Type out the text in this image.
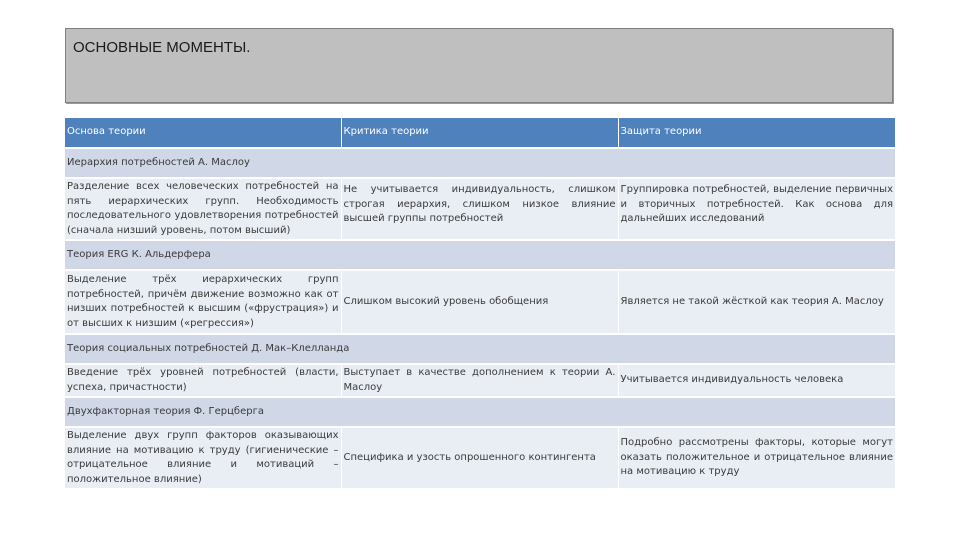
ОСНОВНЫЕ МОМЕНТЫ.
Основа теории	Критика теории	Защита теории
Иерархия потребностей А. Маслоу		
Разделение всех человеческих потребностей на пять иерархических групп. Необходимость последовательного удовлетворения потребностей (сначала низший уровень, потом высший)	Не учитывается индивидуальность, слишком строгая иерархия, слишком низкое влияние высшей группы потребностей	Группировка потребностей, выделение первичных и вторичных потребностей. Как основа для дальнейших исследований
Теория ERG К. Альдерфера		
Выделение трёх иерархических групп потребностей, причём движение возможно как от низших потребностей к высшим («фрустрация») и от высших к низшим («регрессия»)	Слишком высокий уровень обобщения	Является не такой жёсткой как теория А. Маслоу
Теория социальных потребностей Д. Мак–Клелланда		
Введение трёх уровней потребностей (власти, успеха, причастности)	Выступает в качестве дополнением к теории А. Маслоу	Учитывается индивидуальность человека
Двухфакторная теория Ф. Герцберга		
Выделение двух групп факторов оказывающих влияние на мотивацию к труду (гигиенические – отрицательное влияние и мотиваций – положительное влияние)	Специфика и узость опрошенного контингента	Подробно рассмотрены факторы, которые могут оказать положительное и отрицательное влияние на мотивацию к труду
